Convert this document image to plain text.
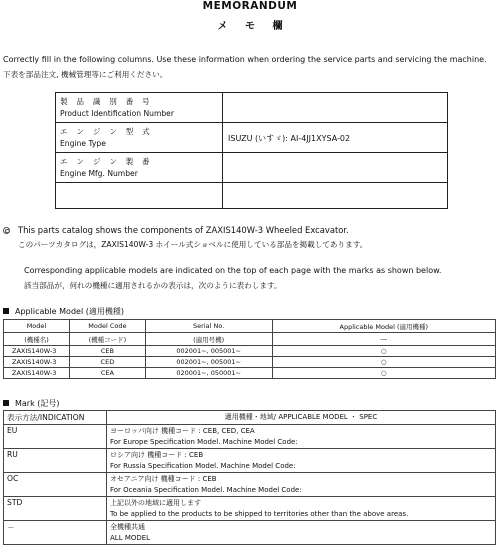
MEMORANDUM
メ モ 欄
Correctly fill in the following columns. Use these information when ordering the service parts and servicing the machine.
下表を部品注文, 機械管理等にご利用ください。
製 品 識 別 番 号
Product Identification Number	

エ ン ジ ン 型 式
Engine Type	ISUZU (いすゞ): AI-4JJ1XYSA-02

エ ン ジ ン 製 番
Engine Mfg. Number	

This parts catalog shows the components of ZAXIS140W-3 Wheeled Excavator.
このパーツカタログは，ZAXIS140W-3 ホイール式ショベルに使用している部品を掲載してあります。
Corresponding applicable models are indicated on the top of each page with the marks as shown below.
該当部品が，何れの機種に適用されるかの表示は，次のように表わします。
Applicable Model (適用機種)
Model	Model Code	Serial No.	Applicable Model (適用機種)
(機種名)	(機種コード)	(適用号機)	―
ZAXIS140W-3	CEB	002001~, 005001~	○
ZAXIS140W-3	CED	002001~, 005001~	○
ZAXIS140W-3	CEA	020001~, 050001~	○
Mark (記号)
表示方法/INDICATION	適用機種・地域/ APPLICABLE MODEL ・ SPEC
EU	ヨーロッパ向け 機種コード : CEB, CED, CEA
For Europe Specification Model. Machine Model Code:

RU	ロシア向け 機種コード : CEB
For Russia Specification Model. Machine Model Code:

OC	オセアニア向け 機種コード : CEB
For Oceania Specification Model. Machine Model Code:

STD	上記以外の地域に適用します
To be applied to the products to be shipped to territories other than the above areas.

－	全機種共通
ALL MODEL
